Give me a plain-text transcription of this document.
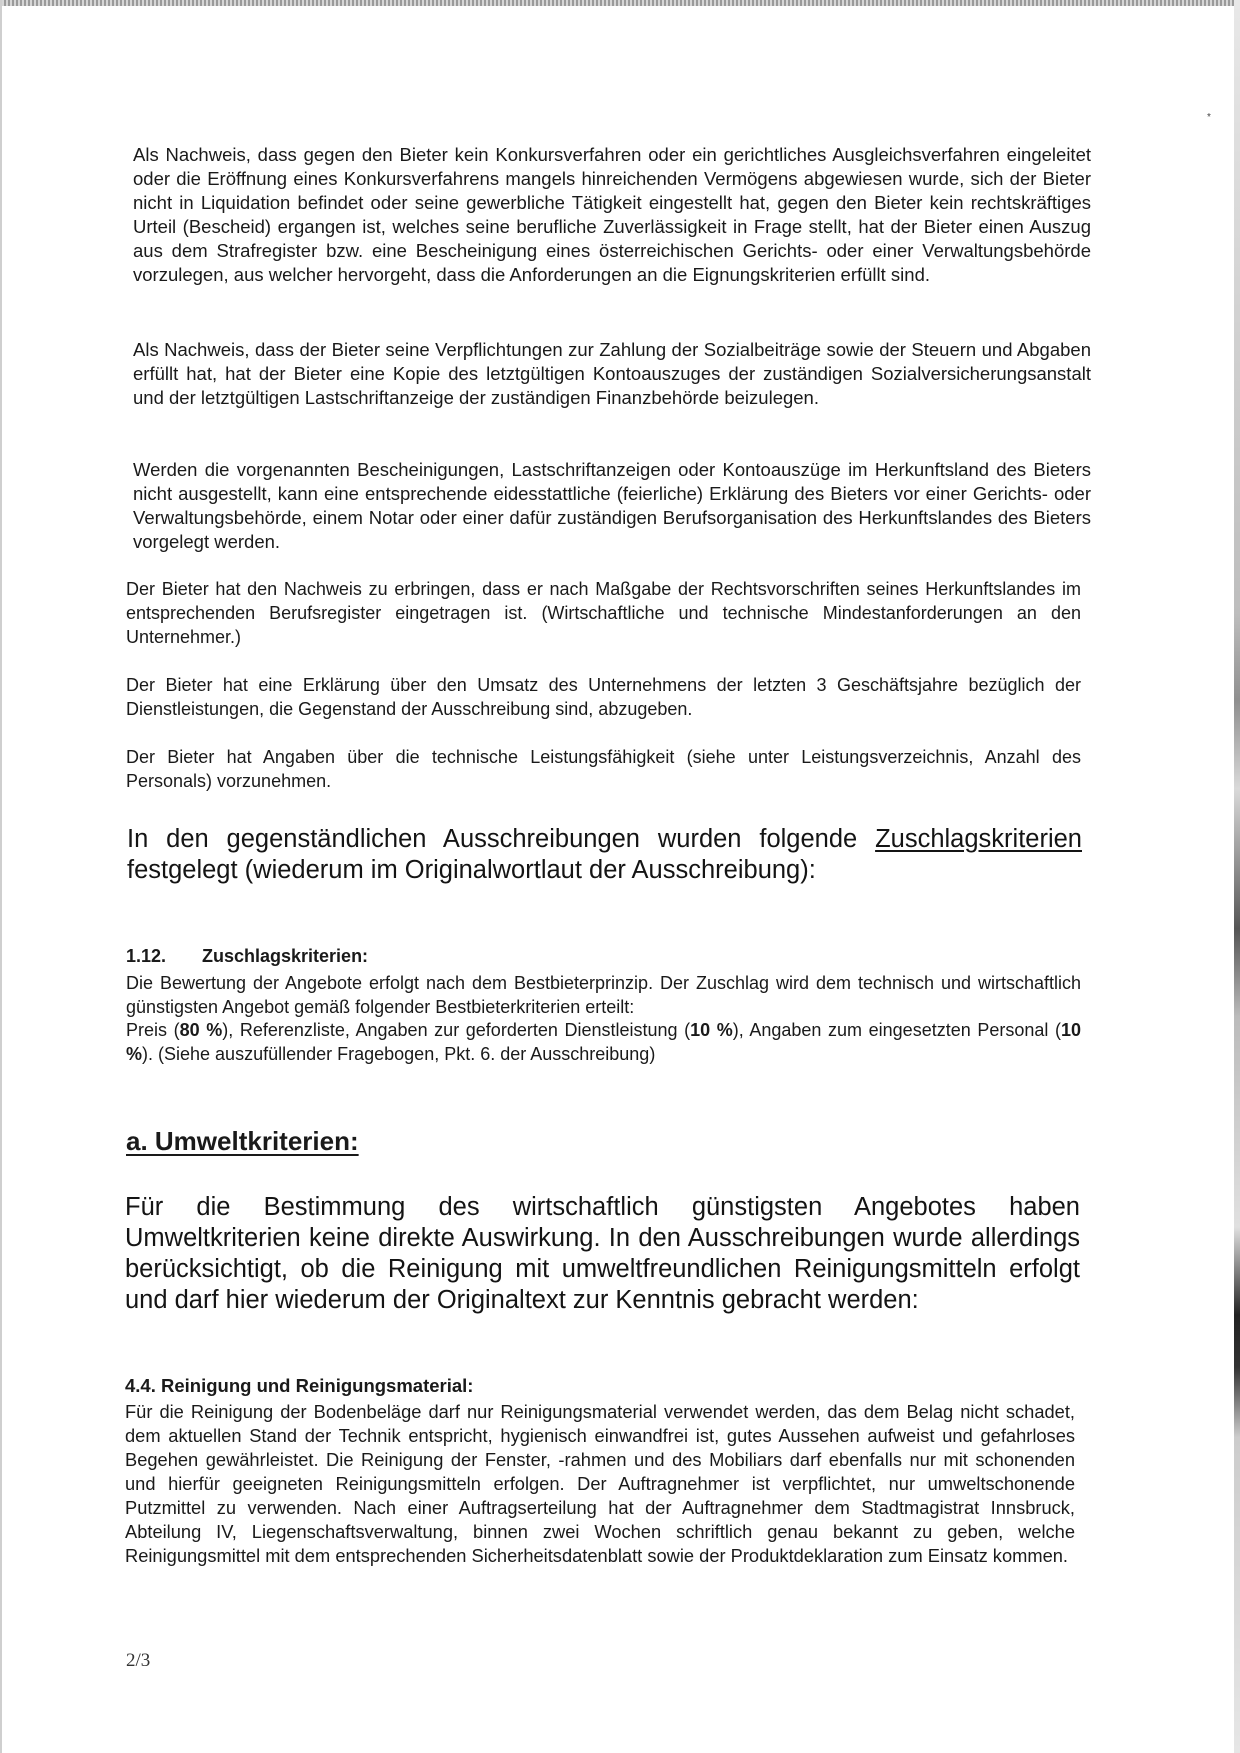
*

Als Nachweis, dass gegen den Bieter kein Konkursverfahren oder ein gerichtliches Ausgleichsverfahren eingeleitet oder die Eröffnung eines Konkursverfahrens mangels hinreichenden Vermögens abgewiesen wurde, sich der Bieter nicht in Liquidation befindet oder seine gewerbliche Tätigkeit eingestellt hat, gegen den Bieter kein rechtskräftiges Urteil (Bescheid) ergangen ist, welches seine berufliche Zuverlässigkeit in Frage stellt, hat der Bieter einen Auszug aus dem Strafregister bzw. eine Bescheinigung eines österreichischen Gerichts- oder einer Verwaltungsbehörde vorzulegen, aus welcher hervorgeht, dass die Anforderungen an die Eignungskriterien erfüllt sind.

Als Nachweis, dass der Bieter seine Verpflichtungen zur Zahlung der Sozialbeiträge sowie der Steuern und Abgaben erfüllt hat, hat der Bieter eine Kopie des letztgültigen Kontoauszuges der zuständigen Sozialversicherungsanstalt und der letztgültigen Lastschriftanzeige der zuständigen Finanzbehörde beizulegen.

Werden die vorgenannten Bescheinigungen, Lastschriftanzeigen oder Kontoauszüge im Herkunftsland des Bieters nicht ausgestellt, kann eine entsprechende eidesstattliche (feierliche) Erklärung des Bieters vor einer Gerichts- oder Verwaltungsbehörde, einem Notar oder einer dafür zuständigen Berufsorganisation des Herkunftslandes des Bieters vorgelegt werden.

Der Bieter hat den Nachweis zu erbringen, dass er nach Maßgabe der Rechtsvorschriften seines Herkunftslandes im entsprechenden Berufsregister eingetragen ist. (Wirtschaftliche und technische Mindestanforderungen an den Unternehmer.)

Der Bieter hat eine Erklärung über den Umsatz des Unternehmens der letzten 3 Geschäftsjahre bezüglich der Dienstleistungen, die Gegenstand der Ausschreibung sind, abzugeben.

Der Bieter hat Angaben über die technische Leistungsfähigkeit (siehe unter Leistungsverzeichnis, Anzahl des Personals) vorzunehmen.

In den gegenständlichen Ausschreibungen wurden folgende Zuschlagskriterien festgelegt (wiederum im Originalwortlaut der Ausschreibung):

1.12. Zuschlagskriterien:

Die Bewertung der Angebote erfolgt nach dem Bestbieterprinzip. Der Zuschlag wird dem technisch und wirtschaftlich günstigsten Angebot gemäß folgender Bestbieterkriterien erteilt:
Preis (80 %), Referenzliste, Angaben zur geforderten Dienstleistung (10 %), Angaben zum eingesetzten Personal (10 %). (Siehe auszufüllender Fragebogen, Pkt. 6. der Ausschreibung)

a. Umweltkriterien:

Für die Bestimmung des wirtschaftlich günstigsten Angebotes haben Umweltkriterien keine direkte Auswirkung. In den Ausschreibungen wurde allerdings berücksichtigt, ob die Reinigung mit umweltfreundlichen Reinigungsmitteln erfolgt und darf hier wiederum der Originaltext zur Kenntnis gebracht werden:

4.4. Reinigung und Reinigungsmaterial:

Für die Reinigung der Bodenbeläge darf nur Reinigungsmaterial verwendet werden, das dem Belag nicht schadet, dem aktuellen Stand der Technik entspricht, hygienisch einwandfrei ist, gutes Aussehen aufweist und gefahrloses Begehen gewährleistet. Die Reinigung der Fenster, -rahmen und des Mobiliars darf ebenfalls nur mit schonenden und hierfür geeigneten Reinigungsmitteln erfolgen. Der Auftragnehmer ist verpflichtet, nur umweltschonende Putzmittel zu verwenden. Nach einer Auftragserteilung hat der Auftragnehmer dem Stadtmagistrat Innsbruck, Abteilung IV, Liegenschaftsverwaltung, binnen zwei Wochen schriftlich genau bekannt zu geben, welche Reinigungsmittel mit dem entsprechenden Sicherheitsdatenblatt sowie der Produktdeklaration zum Einsatz kommen.

2/3
